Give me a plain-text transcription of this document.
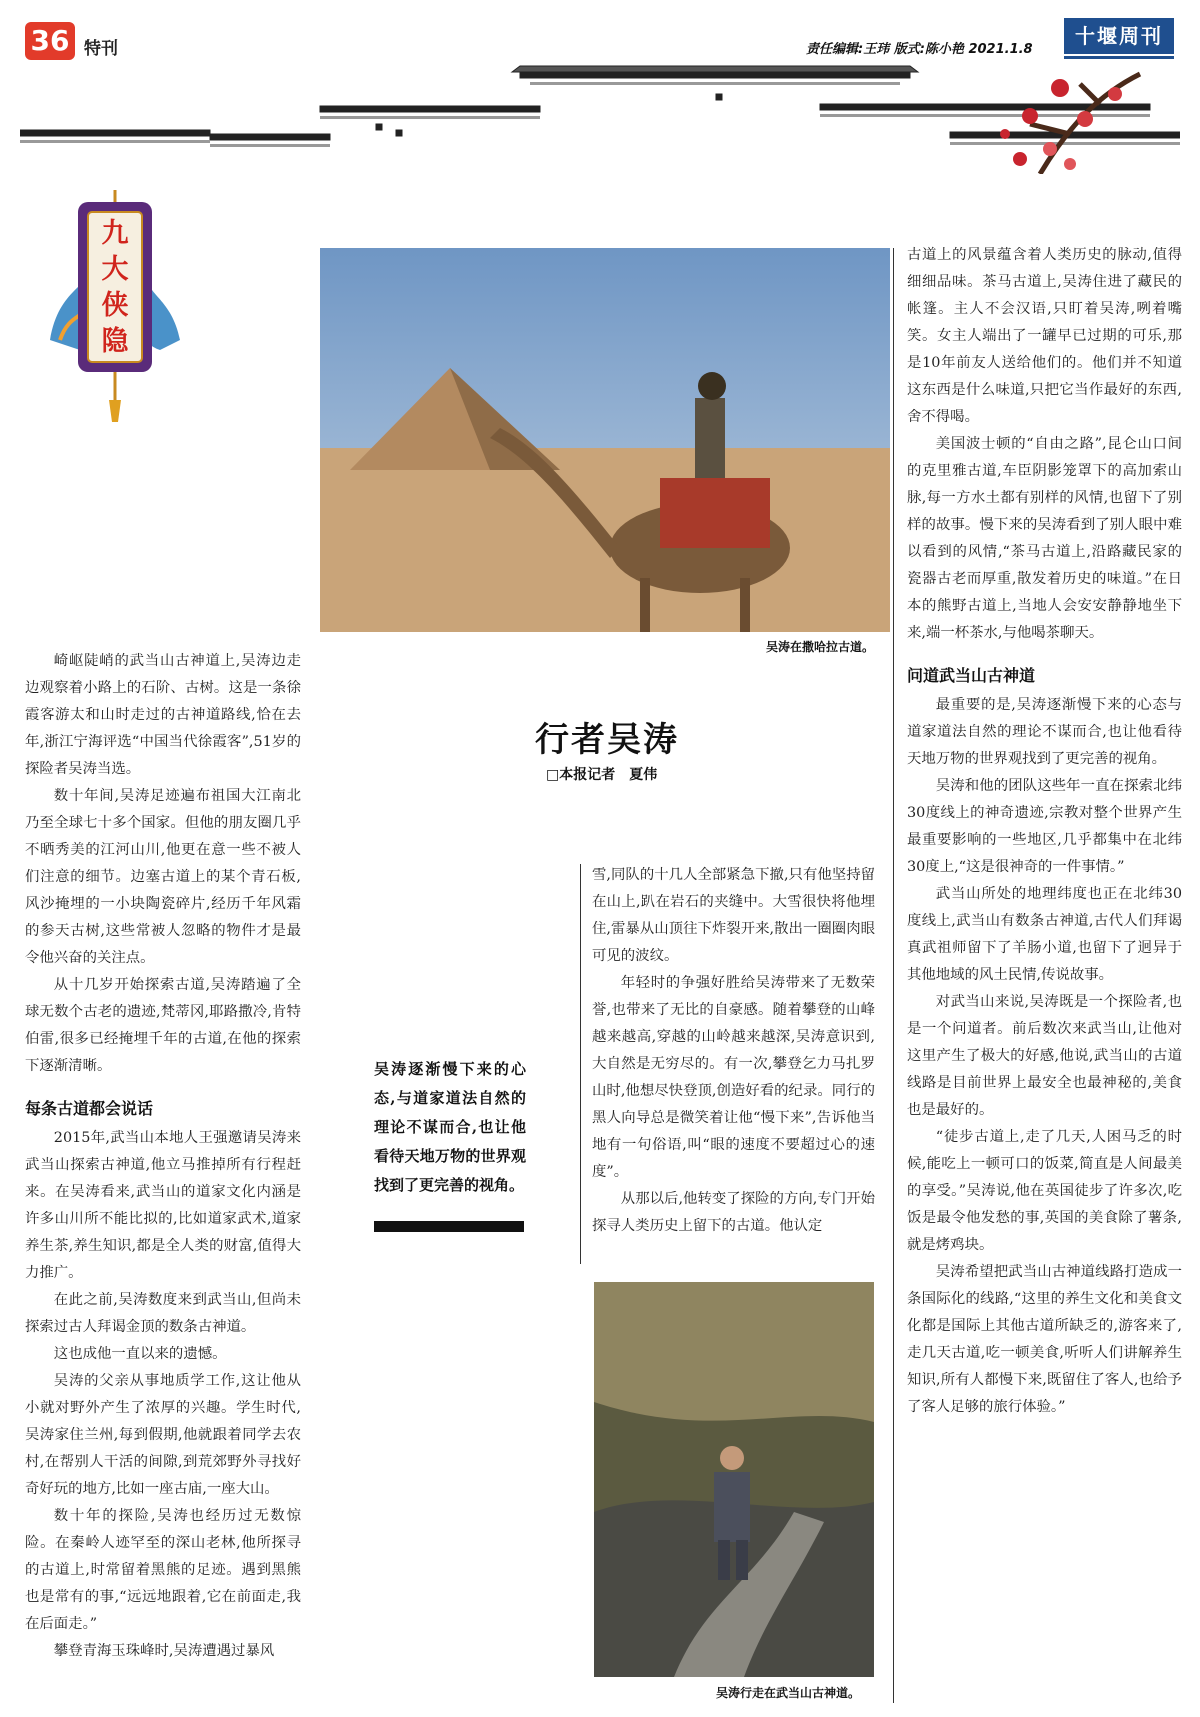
36 特刊	责任编辑:王玮 版式:陈小艳 2021.1.8
十堰周刊
九
大
侠
隐
吴涛在撒哈拉古道。
行者吴涛
□本报记者　夏伟
吴涛逐渐慢下来的心态,与道家道法自然的理论不谋而合,也让他看待天地万物的世界观找到了更完善的视角。
吴涛行走在武当山古神道。

崎岖陡峭的武当山古神道上,吴涛边走边观察着小路上的石阶、古树。这是一条徐霞客游太和山时走过的古神道路线,恰在去年,浙江宁海评选“中国当代徐霞客”,51岁的探险者吴涛当选。

数十年间,吴涛足迹遍布祖国大江南北乃至全球七十多个国家。但他的朋友圈几乎不晒秀美的江河山川,他更在意一些不被人们注意的细节。边塞古道上的某个青石板,风沙掩埋的一小块陶瓷碎片,经历千年风霜的参天古树,这些常被人忽略的物件才是最令他兴奋的关注点。

从十几岁开始探索古道,吴涛踏遍了全球无数个古老的遗迹,梵蒂冈,耶路撒冷,肯特伯雷,很多已经掩埋千年的古道,在他的探索下逐渐清晰。

每条古道都会说话

2015年,武当山本地人王强邀请吴涛来武当山探索古神道,他立马推掉所有行程赶来。在吴涛看来,武当山的道家文化内涵是许多山川所不能比拟的,比如道家武术,道家养生茶,养生知识,都是全人类的财富,值得大力推广。

在此之前,吴涛数度来到武当山,但尚未探索过古人拜谒金顶的数条古神道。

这也成他一直以来的遗憾。

吴涛的父亲从事地质学工作,这让他从小就对野外产生了浓厚的兴趣。学生时代,吴涛家住兰州,每到假期,他就跟着同学去农村,在帮别人干活的间隙,到荒郊野外寻找好奇好玩的地方,比如一座古庙,一座大山。

数十年的探险,吴涛也经历过无数惊险。在秦岭人迹罕至的深山老林,他所探寻的古道上,时常留着黑熊的足迹。遇到黑熊也是常有的事,“远远地跟着,它在前面走,我在后面走。”

攀登青海玉珠峰时,吴涛遭遇过暴风

雪,同队的十几人全部紧急下撤,只有他坚持留在山上,趴在岩石的夹缝中。大雪很快将他埋住,雷暴从山顶往下炸裂开来,散出一圈圈肉眼可见的波纹。

年轻时的争强好胜给吴涛带来了无数荣誉,也带来了无比的自豪感。随着攀登的山峰越来越高,穿越的山岭越来越深,吴涛意识到,大自然是无穷尽的。有一次,攀登乞力马扎罗山时,他想尽快登顶,创造好看的纪录。同行的黑人向导总是微笑着让他“慢下来”,告诉他当地有一句俗语,叫“眼的速度不要超过心的速度”。

从那以后,他转变了探险的方向,专门开始探寻人类历史上留下的古道。他认定

古道上的风景蕴含着人类历史的脉动,值得细细品味。茶马古道上,吴涛住进了藏民的帐篷。主人不会汉语,只盯着吴涛,咧着嘴笑。女主人端出了一罐早已过期的可乐,那是10年前友人送给他们的。他们并不知道这东西是什么味道,只把它当作最好的东西,舍不得喝。

美国波士顿的“自由之路”,昆仑山口间的克里雅古道,车臣阴影笼罩下的高加索山脉,每一方水土都有别样的风情,也留下了别样的故事。慢下来的吴涛看到了别人眼中难以看到的风情,“茶马古道上,沿路藏民家的瓷器古老而厚重,散发着历史的味道。”在日本的熊野古道上,当地人会安安静静地坐下来,端一杯茶水,与他喝茶聊天。

问道武当山古神道

最重要的是,吴涛逐渐慢下来的心态与道家道法自然的理论不谋而合,也让他看待天地万物的世界观找到了更完善的视角。

吴涛和他的团队这些年一直在探索北纬30度线上的神奇遗迹,宗教对整个世界产生最重要影响的一些地区,几乎都集中在北纬30度上,“这是很神奇的一件事情。”

武当山所处的地理纬度也正在北纬30度线上,武当山有数条古神道,古代人们拜谒真武祖师留下了羊肠小道,也留下了迥异于其他地域的风土民情,传说故事。

对武当山来说,吴涛既是一个探险者,也是一个问道者。前后数次来武当山,让他对这里产生了极大的好感,他说,武当山的古道线路是目前世界上最安全也最神秘的,美食也是最好的。

“徒步古道上,走了几天,人困马乏的时候,能吃上一顿可口的饭菜,简直是人间最美的享受。”吴涛说,他在英国徒步了许多次,吃饭是最令他发愁的事,英国的美食除了薯条,就是烤鸡块。

吴涛希望把武当山古神道线路打造成一条国际化的线路,“这里的养生文化和美食文化都是国际上其他古道所缺乏的,游客来了,走几天古道,吃一顿美食,听听人们讲解养生知识,所有人都慢下来,既留住了客人,也给予了客人足够的旅行体验。”
